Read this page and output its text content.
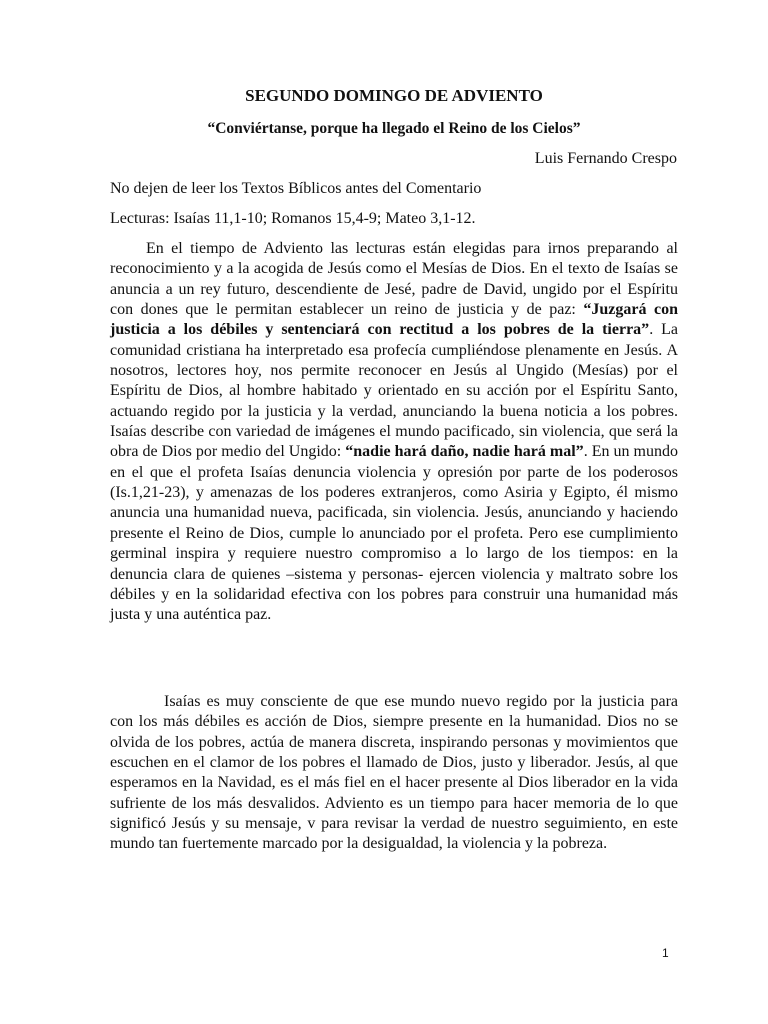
SEGUNDO DOMINGO DE ADVIENTO
“Conviértanse, porque ha llegado el Reino de los Cielos”
Luis Fernando Crespo
No dejen de leer los Textos Bíblicos antes del Comentario
Lecturas: Isaías 11,1-10; Romanos 15,4-9; Mateo 3,1-12.

En el tiempo de Adviento las lecturas están elegidas para irnos preparando al reconocimiento y a la acogida de Jesús como el Mesías de Dios. En el texto de Isaías se anuncia a un rey futuro, descendiente de Jesé, padre de David, ungido por el Espíritu con dones que le permitan establecer un reino de justicia y de paz: “Juzgará con justicia a los débiles y sentenciará con rectitud a los pobres de la tierra”. La comunidad cristiana ha interpretado esa profecía cumpliéndose plenamente en Jesús. A nosotros, lectores hoy, nos permite reconocer en Jesús al Ungido (Mesías) por el Espíritu de Dios, al hombre habitado y orientado en su acción por el Espíritu Santo, actuando regido por la justicia y la verdad, anunciando la buena noticia a los pobres. Isaías describe con variedad de imágenes el mundo pacificado, sin violencia, que será la obra de Dios por medio del Ungido: “nadie hará daño, nadie hará mal”. En un mundo en el que el profeta Isaías denuncia violencia y opresión por parte de los poderosos (Is.1,21-23), y amenazas de los poderes extranjeros, como Asiria y Egipto, él mismo anuncia una humanidad nueva, pacificada, sin violencia. Jesús, anunciando y haciendo presente el Reino de Dios, cumple lo anunciado por el profeta. Pero ese cumplimiento germinal inspira y requiere nuestro compromiso a lo largo de los tiempos: en la denuncia clara de quienes –sistema y personas- ejercen violencia y maltrato sobre los débiles y en la solidaridad efectiva con los pobres para construir una humanidad más justa y una auténtica paz.

Isaías es muy consciente de que ese mundo nuevo regido por la justicia para con los más débiles es acción de Dios, siempre presente en la humanidad. Dios no se olvida de los pobres, actúa de manera discreta, inspirando personas y movimientos que escuchen en el clamor de los pobres el llamado de Dios, justo y liberador. Jesús, al que esperamos en la Navidad, es el más fiel en el hacer presente al Dios liberador en la vida sufriente de los más desvalidos. Adviento es un tiempo para hacer memoria de lo que significó Jesús y su mensaje, v para revisar la verdad de nuestro seguimiento, en este mundo tan fuertemente marcado por la desigualdad, la violencia y la pobreza.

1
